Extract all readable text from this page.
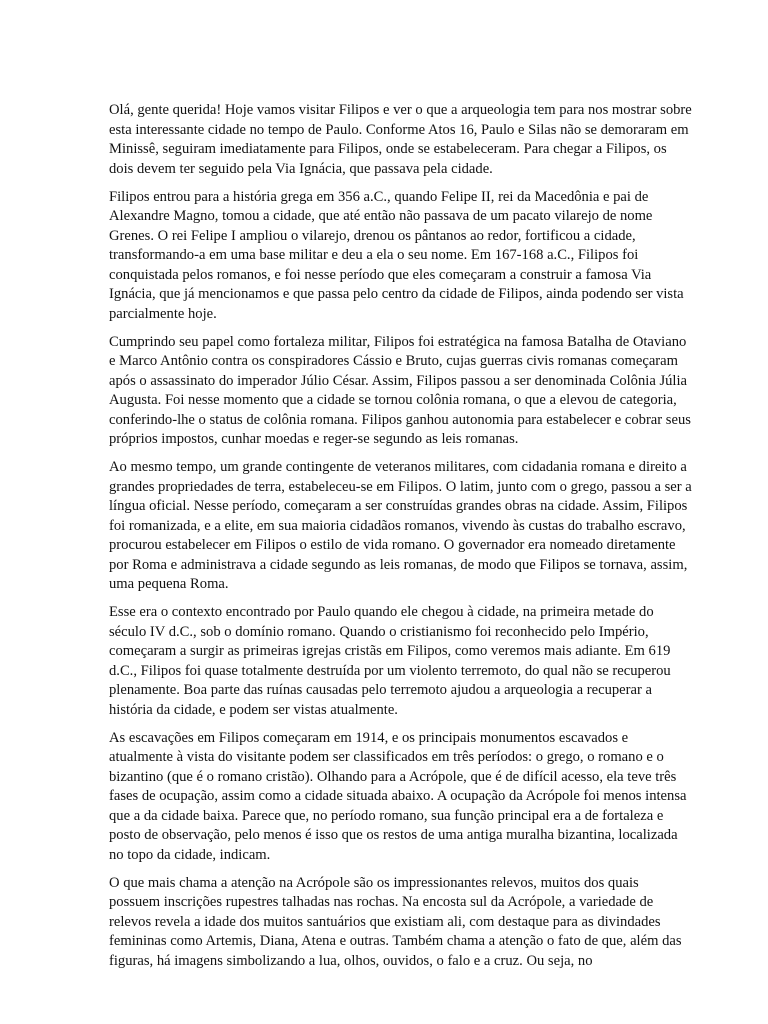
Olá, gente querida! Hoje vamos visitar Filipos e ver o que a arqueologia tem para nos mostrar sobre esta interessante cidade no tempo de Paulo. Conforme Atos 16, Paulo e Silas não se demoraram em Minissê, seguiram imediatamente para Filipos, onde se estabeleceram. Para chegar a Filipos, os dois devem ter seguido pela Via Ignácia, que passava pela cidade.

Filipos entrou para a história grega em 356 a.C., quando Felipe II, rei da Macedônia e pai de Alexandre Magno, tomou a cidade, que até então não passava de um pacato vilarejo de nome Grenes. O rei Felipe I ampliou o vilarejo, drenou os pântanos ao redor, fortificou a cidade, transformando-a em uma base militar e deu a ela o seu nome. Em 167-168 a.C., Filipos foi conquistada pelos romanos, e foi nesse período que eles começaram a construir a famosa Via Ignácia, que já mencionamos e que passa pelo centro da cidade de Filipos, ainda podendo ser vista parcialmente hoje.

Cumprindo seu papel como fortaleza militar, Filipos foi estratégica na famosa Batalha de Otaviano e Marco Antônio contra os conspiradores Cássio e Bruto, cujas guerras civis romanas começaram após o assassinato do imperador Júlio César. Assim, Filipos passou a ser denominada Colônia Júlia Augusta. Foi nesse momento que a cidade se tornou colônia romana, o que a elevou de categoria, conferindo-lhe o status de colônia romana. Filipos ganhou autonomia para estabelecer e cobrar seus próprios impostos, cunhar moedas e reger-se segundo as leis romanas.

Ao mesmo tempo, um grande contingente de veteranos militares, com cidadania romana e direito a grandes propriedades de terra, estabeleceu-se em Filipos. O latim, junto com o grego, passou a ser a língua oficial. Nesse período, começaram a ser construídas grandes obras na cidade. Assim, Filipos foi romanizada, e a elite, em sua maioria cidadãos romanos, vivendo às custas do trabalho escravo, procurou estabelecer em Filipos o estilo de vida romano. O governador era nomeado diretamente por Roma e administrava a cidade segundo as leis romanas, de modo que Filipos se tornava, assim, uma pequena Roma.

Esse era o contexto encontrado por Paulo quando ele chegou à cidade, na primeira metade do século IV d.C., sob o domínio romano. Quando o cristianismo foi reconhecido pelo Império, começaram a surgir as primeiras igrejas cristãs em Filipos, como veremos mais adiante. Em 619 d.C., Filipos foi quase totalmente destruída por um violento terremoto, do qual não se recuperou plenamente. Boa parte das ruínas causadas pelo terremoto ajudou a arqueologia a recuperar a história da cidade, e podem ser vistas atualmente.

As escavações em Filipos começaram em 1914, e os principais monumentos escavados e atualmente à vista do visitante podem ser classificados em três períodos: o grego, o romano e o bizantino (que é o romano cristão). Olhando para a Acrópole, que é de difícil acesso, ela teve três fases de ocupação, assim como a cidade situada abaixo. A ocupação da Acrópole foi menos intensa que a da cidade baixa. Parece que, no período romano, sua função principal era a de fortaleza e posto de observação, pelo menos é isso que os restos de uma antiga muralha bizantina, localizada no topo da cidade, indicam.

O que mais chama a atenção na Acrópole são os impressionantes relevos, muitos dos quais possuem inscrições rupestres talhadas nas rochas. Na encosta sul da Acrópole, a variedade de relevos revela a idade dos muitos santuários que existiam ali, com destaque para as divindades femininas como Artemis, Diana, Atena e outras. Também chama a atenção o fato de que, além das figuras, há imagens simbolizando a lua, olhos, ouvidos, o falo e a cruz. Ou seja, no
